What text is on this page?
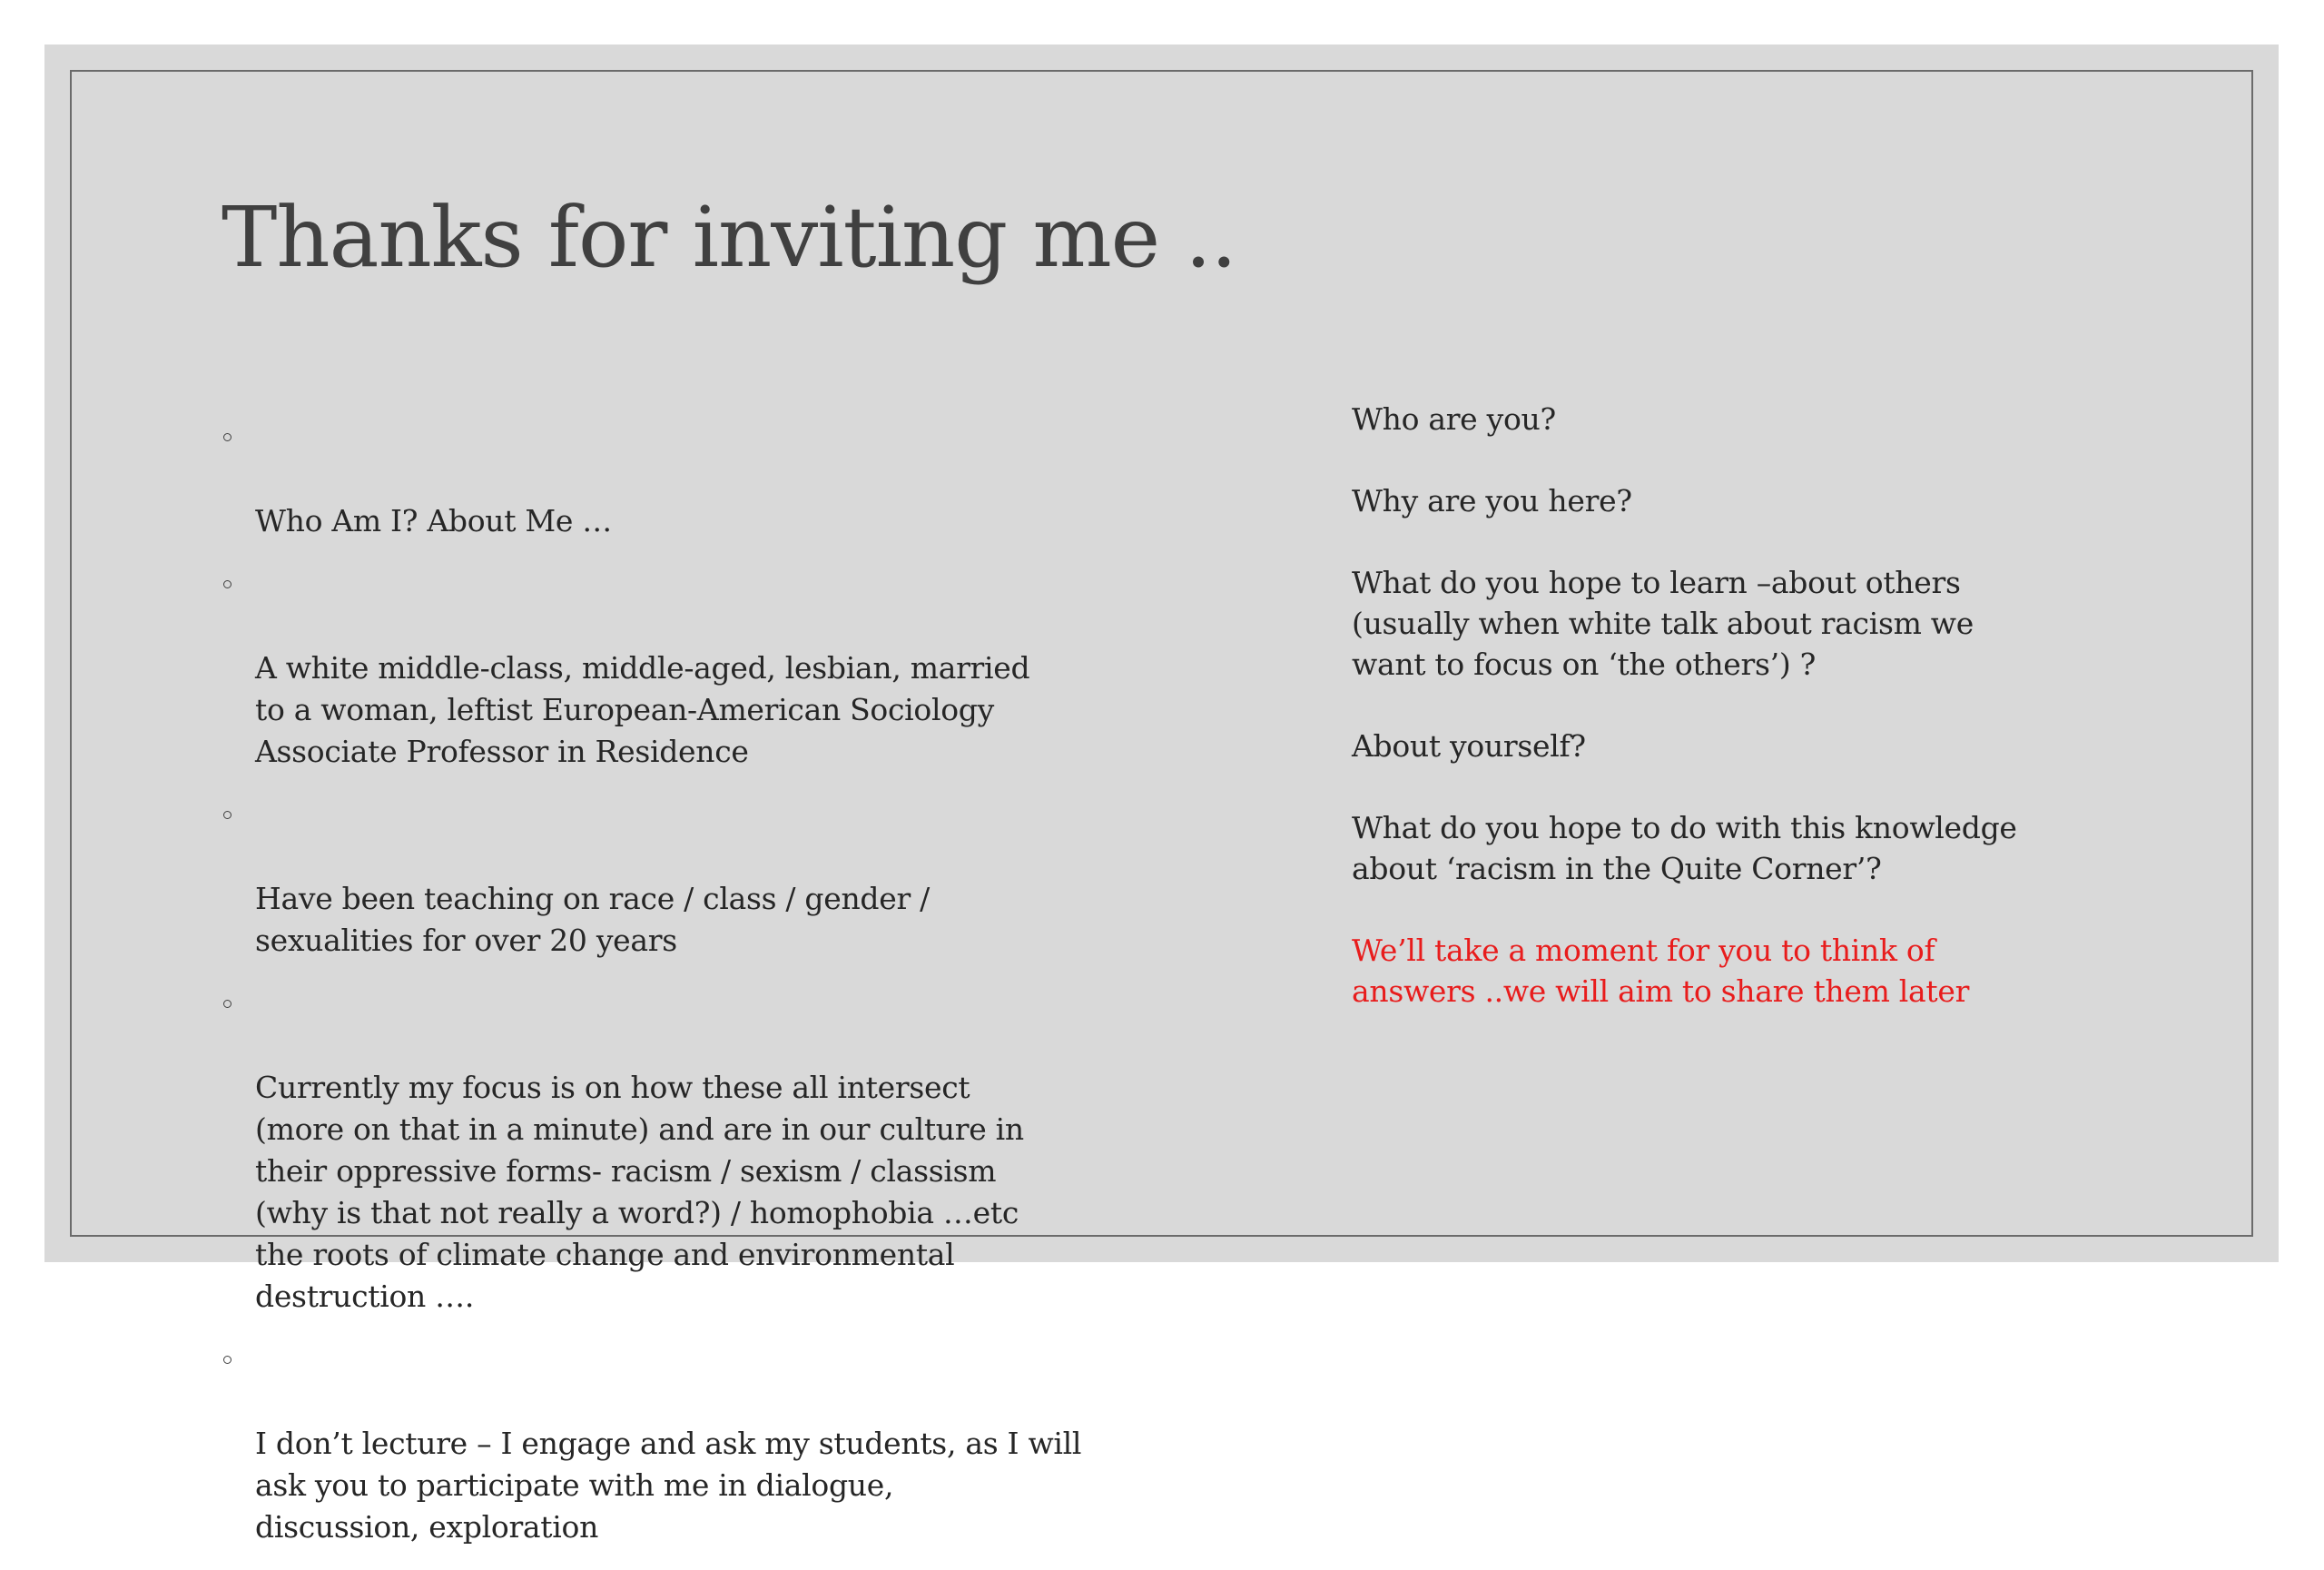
Thanks for inviting me ..

Who Am I? About Me …

A white middle-class, middle-aged, lesbian, married
to a woman, leftist European-American Sociology
Associate Professor in Residence

Have been teaching on race / class / gender /
sexualities for over 20 years

Currently my focus is on how these all intersect
(more on that in a minute) and are in our culture in
their oppressive forms- racism / sexism / classism
(why is that not really a word?) / homophobia …etc
the roots of climate change and environmental
destruction ….

I don’t lecture – I engage and ask my students, as I will
ask you to participate with me in dialogue,
discussion, exploration

Who are you?

Why are you here?

What do you hope to learn –about others
(usually when white talk about racism we
want to focus on ‘the others’) ?

About yourself?

What do you hope to do with this knowledge
about ‘racism in the Quite Corner’?

We’ll take a moment for you to think of
answers ..we will aim to share them later
